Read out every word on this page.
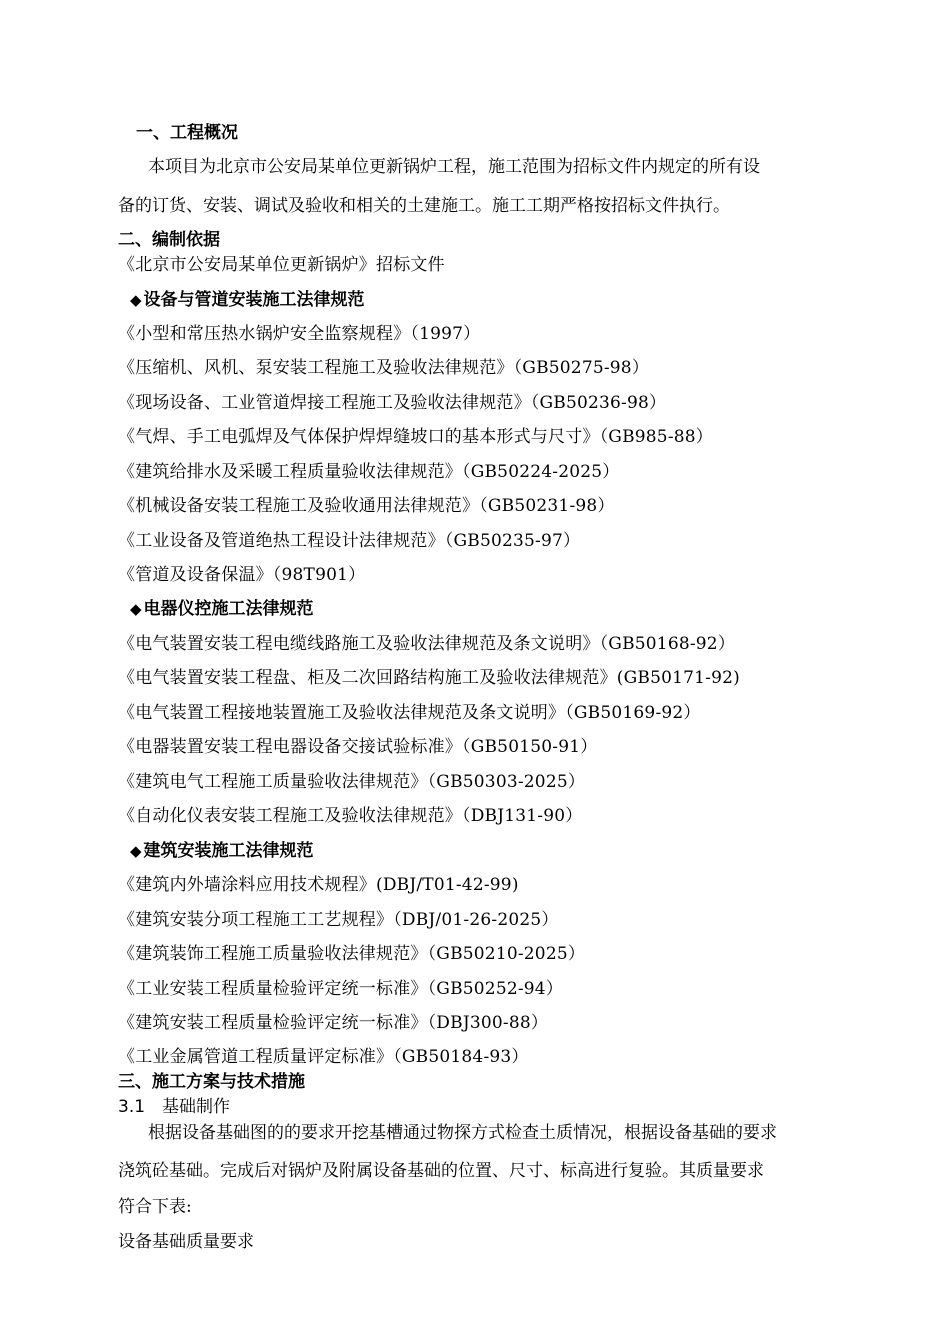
一、工程概况
本项目为北京市公安局某单位更新锅炉工程，施工范围为招标文件内规定的所有设
备的订货、安装、调试及验收和相关的土建施工。施工工期严格按招标文件执行。
二、编制依据
《北京市公安局某单位更新锅炉》招标文件
◆ 设备与管道安装施工法律规范
《小型和常压热水锅炉安全监察规程》（1997）
《压缩机、风机、泵安装工程施工及验收法律规范》（GB50275-98）
《现场设备、工业管道焊接工程施工及验收法律规范》（GB50236-98）
《气焊、手工电弧焊及气体保护焊焊缝坡口的基本形式与尺寸》（GB985-88）
《建筑给排水及采暖工程质量验收法律规范》（GB50224-2025）
《机械设备安装工程施工及验收通用法律规范》（GB50231-98）
《工业设备及管道绝热工程设计法律规范》（GB50235-97）
《管道及设备保温》（98T901）
◆ 电器仪控施工法律规范
《电气装置安装工程电缆线路施工及验收法律规范及条文说明》（GB50168-92）
《电气装置安装工程盘、柜及二次回路结构施工及验收法律规范》(GB50171-92)
《电气装置工程接地装置施工及验收法律规范及条文说明》（GB50169-92）
《电器装置安装工程电器设备交接试验标准》（GB50150-91）
《建筑电气工程施工质量验收法律规范》（GB50303-2025）
《自动化仪表安装工程施工及验收法律规范》（DBJ131-90）
◆ 建筑安装施工法律规范
《建筑内外墙涂料应用技术规程》(DBJ/T01-42-99)
《建筑安装分项工程施工工艺规程》（DBJ/01-26-2025）
《建筑装饰工程施工质量验收法律规范》（GB50210-2025）
《工业安装工程质量检验评定统一标准》（GB50252-94）
《建筑安装工程质量检验评定统一标准》（DBJ300-88）
《工业金属管道工程质量评定标准》（GB50184-93）
三、施工方案与技术措施
3.1　基础制作
根据设备基础图的的要求开挖基槽通过物探方式检查土质情况，根据设备基础的要求
浇筑砼基础。完成后对锅炉及附属设备基础的位置、尺寸、标高进行复验。其质量要求
符合下表:
设备基础质量要求
